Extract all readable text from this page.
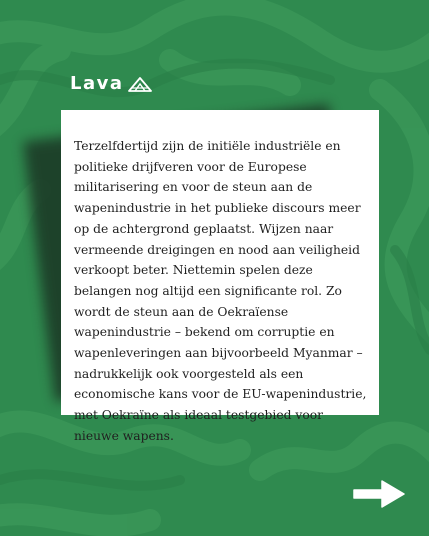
Lava

Terzelfdertijd zijn de initiële industriële en politieke drijfveren voor de Europese militarisering en voor de steun aan de wapenindustrie in het publieke discours meer op de achtergrond geplaatst. Wijzen naar vermeende dreigingen en nood aan veiligheid verkoopt beter. Niettemin spelen deze belangen nog altijd een significante rol. Zo wordt de steun aan de Oekraïense wapenindustrie – bekend om corruptie en wapenleveringen aan bijvoorbeeld Myanmar – nadrukkelijk ook voorgesteld als een economische kans voor de EU-wapenindustrie, met Oekraïne als ideaal testgebied voor nieuwe wapens.
